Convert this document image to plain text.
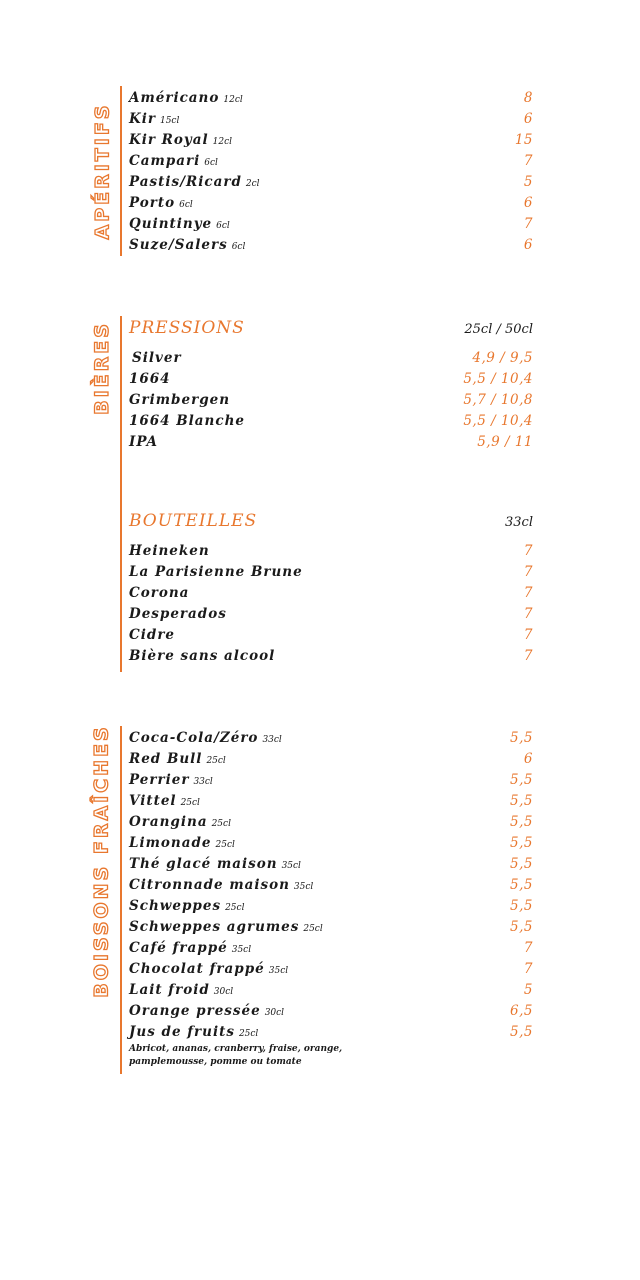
APÉRITIFS
Américano 12cl	8
Kir 15cl	6
Kir Royal 12cl	15
Campari 6cl	7
Pastis/Ricard 2cl	5
Porto 6cl	6
Quintinye 6cl	7
Suze/Salers 6cl	6
BIÈRES PRESSIONS	25cl / 50cl
Silver	4,9 / 9,5
1664	5,5 / 10,4
Grimbergen	5,7 / 10,8
1664 Blanche	5,5 / 10,4
IPA	5,9 / 11
BOUTEILLES	33cl
Heineken	7
La Parisienne Brune	7
Corona	7
Desperados	7
Cidre	7
Bière sans alcool	7
BOISSONS FRAÎCHES Coca-Cola/Zéro 33cl	5,5
Red Bull 25cl	6
Perrier 33cl	5,5
Vittel 25cl	5,5
Orangina 25cl	5,5
Limonade 25cl	5,5
Thé glacé maison 35cl	5,5
Citronnade maison 35cl	5,5
Schweppes 25cl	5,5
Schweppes agrumes 25cl	5,5
Café frappé 35cl	7
Chocolat frappé 35cl	7
Lait froid 30cl	5
Orange pressée 30cl	6,5
Jus de fruits 25cl	5,5
Abricot, ananas, cranberry, fraise, orange, pamplemousse, pomme ou tomate
